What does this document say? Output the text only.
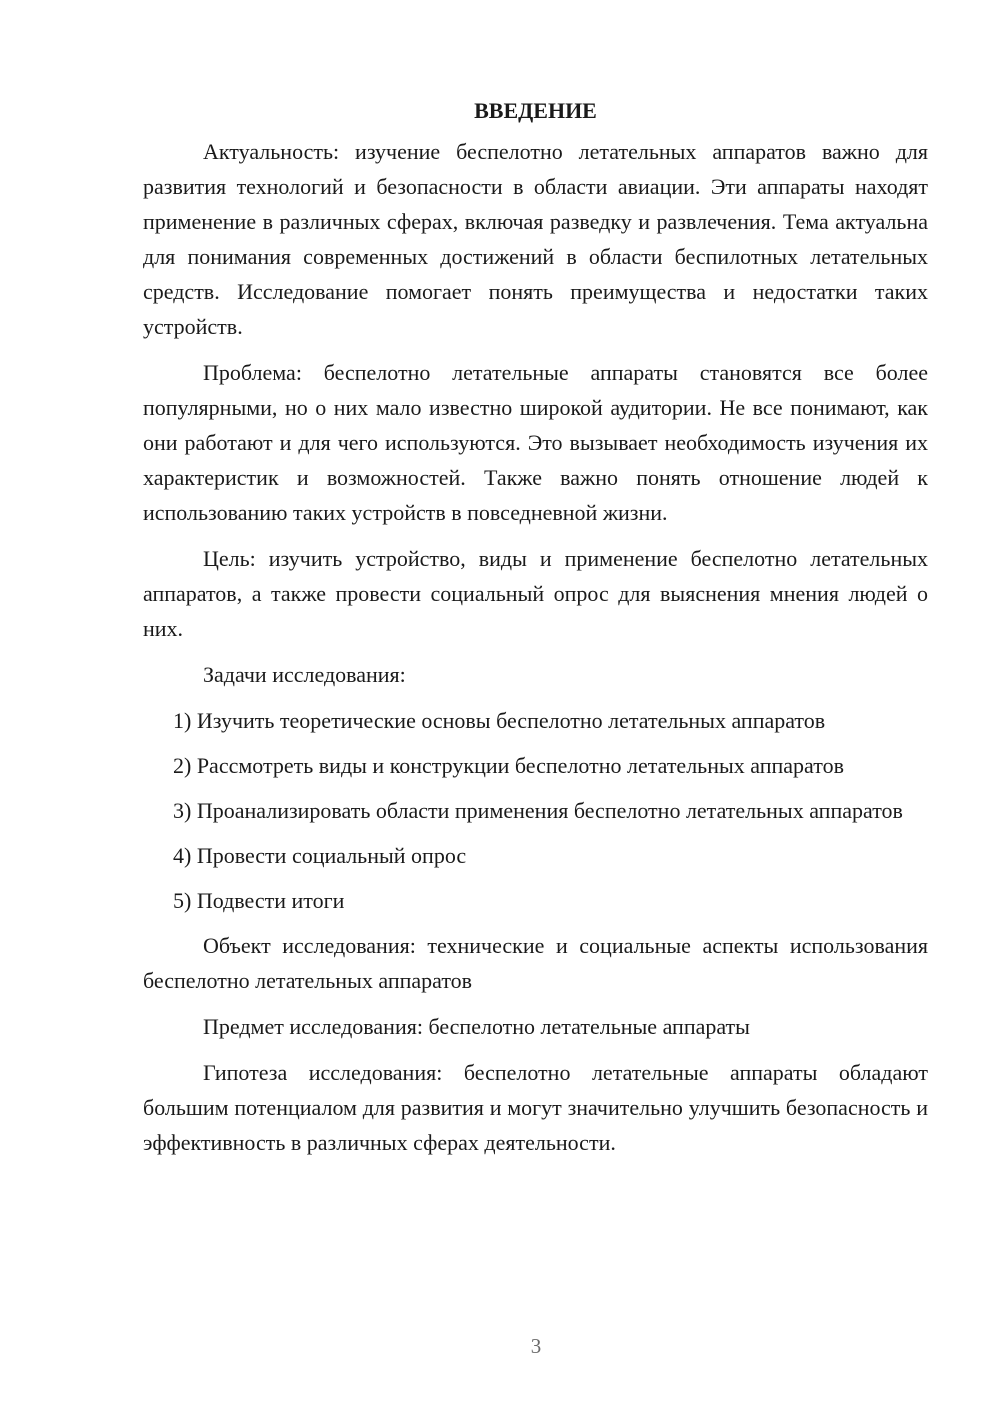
ВВЕДЕНИЕ

Актуальность: изучение беспелотно летательных аппаратов важно для развития технологий и безопасности в области авиации. Эти аппараты находят применение в различных сферах, включая разведку и развлечения. Тема актуальна для понимания современных достижений в области беспилотных летательных средств. Исследование помогает понять преимущества и недостатки таких устройств.

Проблема: беспелотно летательные аппараты становятся все более популярными, но о них мало известно широкой аудитории. Не все понимают, как они работают и для чего используются. Это вызывает необходимость изучения их характеристик и возможностей. Также важно понять отношение людей к использованию таких устройств в повседневной жизни.

Цель: изучить устройство, виды и применение беспелотно летательных аппаратов, а также провести социальный опрос для выяснения мнения людей о них.

Задачи исследования:

1) Изучить теоретические основы беспелотно летательных аппаратов

2) Рассмотреть виды и конструкции беспелотно летательных аппаратов

3) Проанализировать области применения беспелотно летательных аппаратов

4) Провести социальный опрос

5) Подвести итоги

Объект исследования: технические и социальные аспекты использования беспелотно летательных аппаратов

Предмет исследования: беспелотно летательные аппараты

Гипотеза исследования: беспелотно летательные аппараты обладают большим потенциалом для развития и могут значительно улучшить безопасность и эффективность в различных сферах деятельности.

3
